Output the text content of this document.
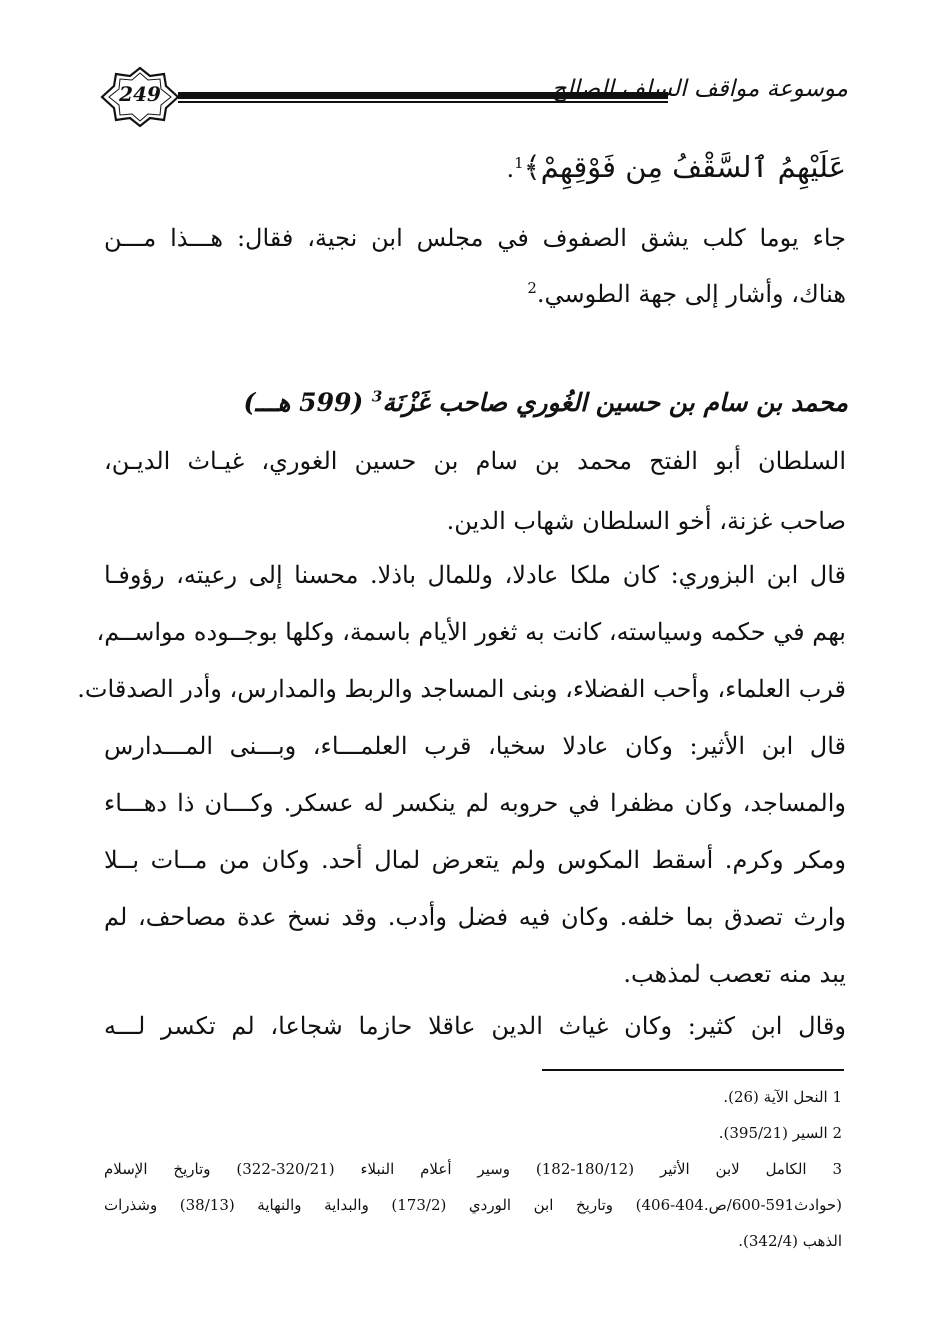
249	موسوعة مواقف السلف الصالح
عَلَيْهِمُ ٱلسَّقْفُ مِن فَوْقِهِمْ﴾$^1$.
جاء يوما كلب يشق الصفوف في مجلس ابن نجية، فقال: هـــذا مـــن
هناك، وأشار إلى جهة الطوسي.$^2$
محمد بن سام بن حسين الغُوري صاحب غَزْنَة$^3$ (599 هـــ)
السلطان أبو الفتح محمد بن سام بن حسين الغوري، غيـاث الديـن،
صاحب غزنة، أخو السلطان شهاب الدين.
قال ابن البزوري: كان ملكا عادلا، وللمال باذلا. محسنا إلى رعيته، رؤوفـا
بهم في حكمه وسياسته، كانت به ثغور الأيام باسمة، وكلها بوجــوده مواســم،
قرب العلماء، وأحب الفضلاء، وبنى المساجد والربط والمدارس، وأدر الصدقات.
قال ابن الأثير: وكان عادلا سخيا، قرب العلمـــاء، وبـــنى المـــدارس
والمساجد، وكان مظفرا في حروبه لم ينكسر له عسكر. وكـــان ذا دهـــاء
ومكر وكرم. أسقط المكوس ولم يتعرض لمال أحد. وكان من مــات بــلا
وارث تصدق بما خلفه. وكان فيه فضل وأدب. وقد نسخ عدة مصاحف، لم
يبد منه تعصب لمذهب.
وقال ابن كثير: وكان غياث الدين عاقلا حازما شجاعا، لم تكسر لـــه
1 النحل الآية (26).
2 السير (395/21).
3 الكامل لابن الأثير (180/12-182) وسير أعلام النبلاء (320/21-322) وتاريخ الإسلام
(حوادث591-600/ص.404-406) وتاريخ ابن الوردي (173/2) والبداية والنهاية (38/13) وشذرات
الذهب (342/4).
